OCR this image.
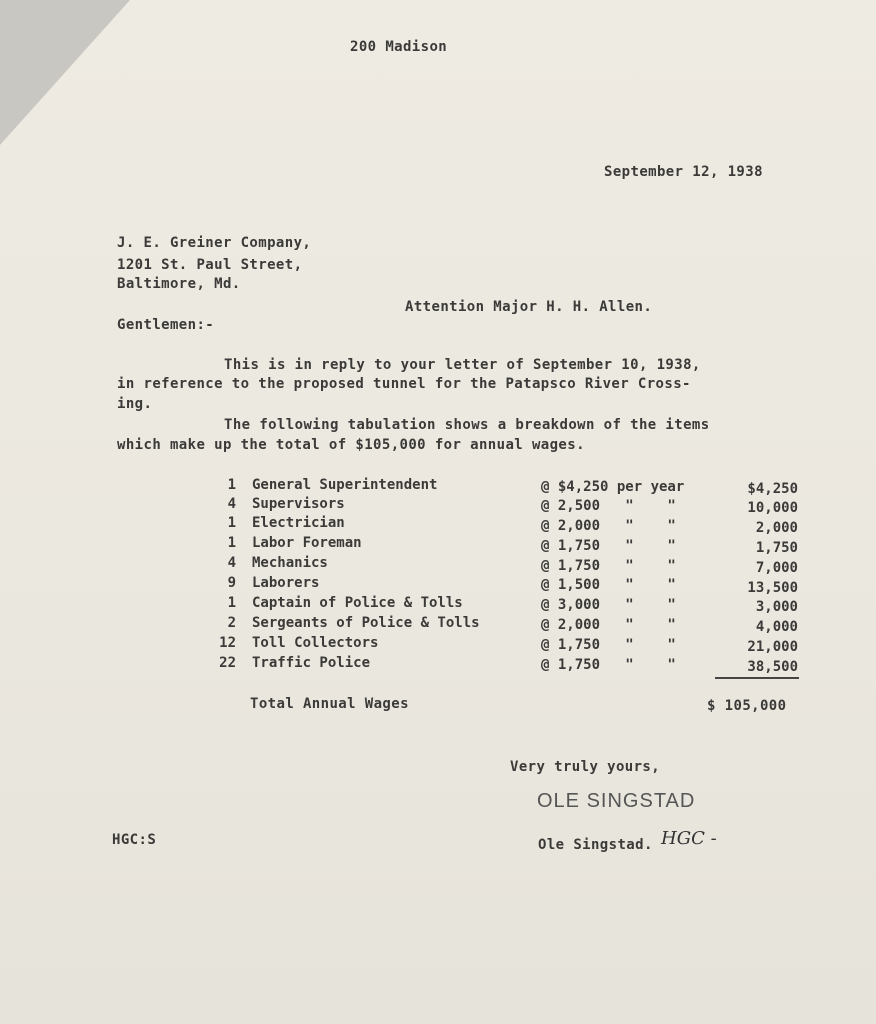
200 Madison
September 12, 1938
J. E. Greiner Company,
1201 St. Paul Street,
Baltimore, Md.
Attention Major H. H. Allen.
Gentlemen:-
This is in reply to your letter of September 10, 1938,
in reference to the proposed tunnel for the Patapsco River Cross-
ing.
The following tabulation shows a breakdown of the items
which make up the total of $105,000 for annual wages.
1 General Superintendent	@ $4,250 per year	$4,250
4 Supervisors	@ 2,500   "    "	10,000
1 Electrician	@ 2,000   "    "	2,000
1 Labor Foreman	@ 1,750   "    "	1,750
4 Mechanics	@ 1,750   "    "	7,000
9 Laborers	@ 1,500   "    "	13,500
1 Captain of Police & Tolls	@ 3,000   "    "	3,000
2 Sergeants of Police & Tolls	@ 2,000   "    "	4,000
12 Toll Collectors	@ 1,750   "    "	21,000
22 Traffic Police	@ 1,750   "    "	38,500
Total Annual Wages	$ 105,000
Very truly yours,
OLE SINGSTAD
Ole Singstad. HGC -
HGC:S
